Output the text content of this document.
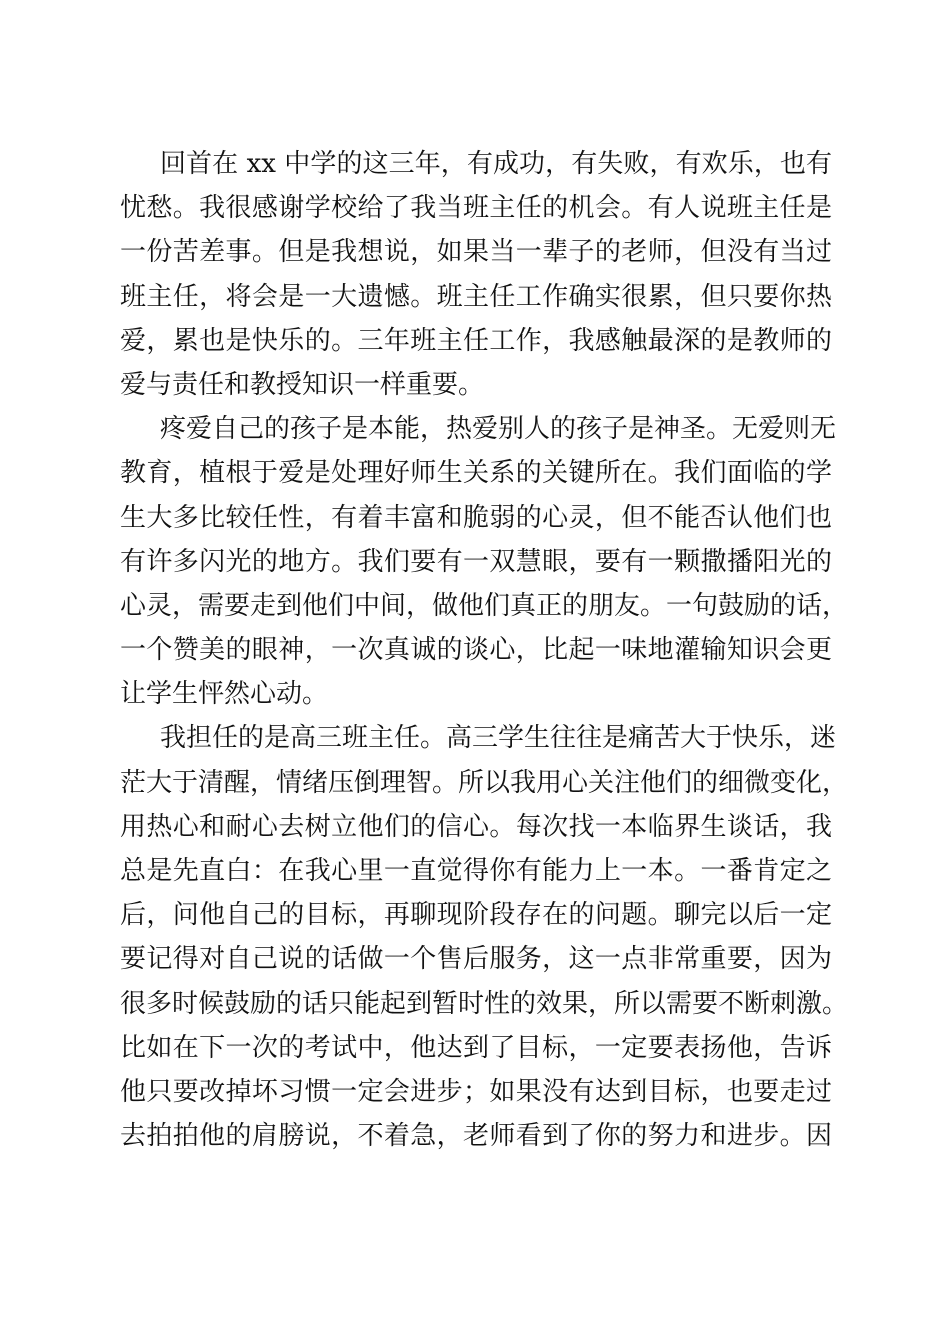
回首在 xx 中学的这三年，有成功，有失败，有欢乐，也有
忧愁。我很感谢学校给了我当班主任的机会。有人说班主任是
一份苦差事。但是我想说，如果当一辈子的老师，但没有当过
班主任，将会是一大遗憾。班主任工作确实很累，但只要你热
爱，累也是快乐的。三年班主任工作，我感触最深的是教师的
爱与责任和教授知识一样重要。
疼爱自己的孩子是本能，热爱别人的孩子是神圣。无爱则无
教育，植根于爱是处理好师生关系的关键所在。我们面临的学
生大多比较任性，有着丰富和脆弱的心灵，但不能否认他们也
有许多闪光的地方。我们要有一双慧眼，要有一颗撒播阳光的
心灵，需要走到他们中间，做他们真正的朋友。一句鼓励的话，
一个赞美的眼神，一次真诚的谈心，比起一味地灌输知识会更
让学生怦然心动。
我担任的是高三班主任。高三学生往往是痛苦大于快乐，迷
茫大于清醒，情绪压倒理智。所以我用心关注他们的细微变化，
用热心和耐心去树立他们的信心。每次找一本临界生谈话，我
总是先直白：在我心里一直觉得你有能力上一本。一番肯定之
后，问他自己的目标，再聊现阶段存在的问题。聊完以后一定
要记得对自己说的话做一个售后服务，这一点非常重要，因为
很多时候鼓励的话只能起到暂时性的效果，所以需要不断刺激。
比如在下一次的考试中，他达到了目标，一定要表扬他，告诉
他只要改掉坏习惯一定会进步；如果没有达到目标，也要走过
去拍拍他的肩膀说，不着急，老师看到了你的努力和进步。因
